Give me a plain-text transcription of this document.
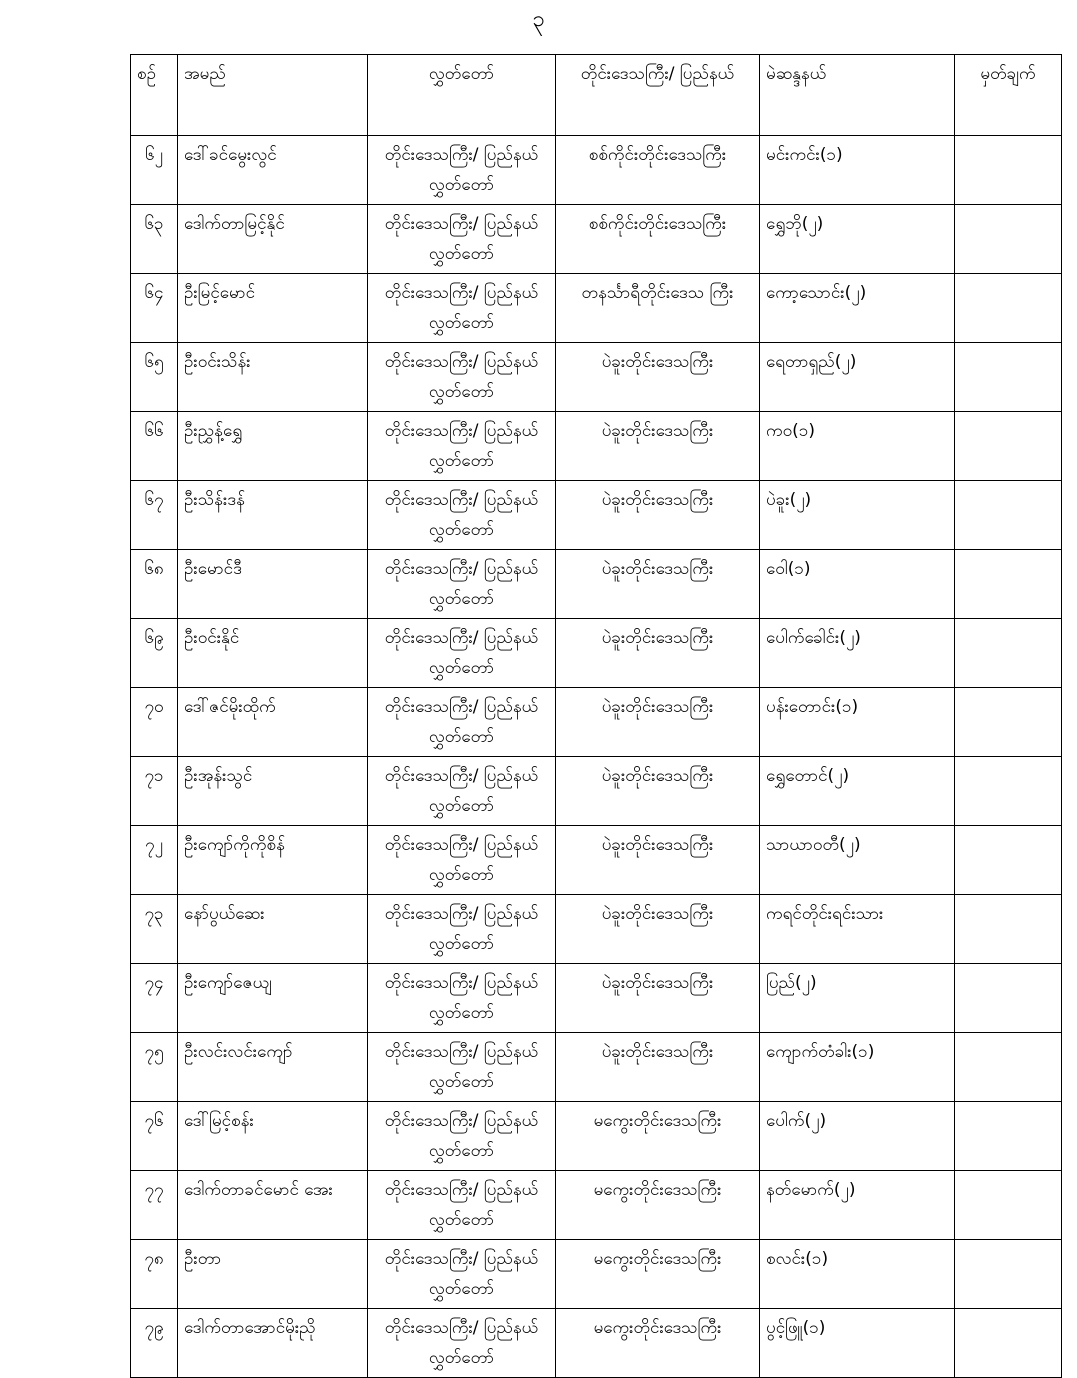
၃
စဉ်	အမည်	လွှတ်တော်	တိုင်းဒေသကြီး/ ပြည်နယ်	မဲဆန္ဒနယ်	မှတ်ချက်
၆၂	ဒေါ်ခင်မွေးလွင်	တိုင်းဒေသကြီး/ ပြည်နယ်လွှတ်တော်	စစ်ကိုင်းတိုင်းဒေသကြီး	မင်းကင်း(၁)	
၆၃	ဒေါက်တာမြင့်နိုင်	တိုင်းဒေသကြီး/ ပြည်နယ်လွှတ်တော်	စစ်ကိုင်းတိုင်းဒေသကြီး	ရွှေဘို(၂)	
၆၄	ဦးမြင့်မောင်	တိုင်းဒေသကြီး/ ပြည်နယ်လွှတ်တော်	တနင်္သာရီတိုင်းဒေသ ကြီး	ကော့သောင်း(၂)	
၆၅	ဦးဝင်းသိန်း	တိုင်းဒေသကြီး/ ပြည်နယ်လွှတ်တော်	ပဲခူးတိုင်းဒေသကြီး	ရေတာရှည်(၂)	
၆၆	ဦးညွှန့်ရွှေ	တိုင်းဒေသကြီး/ ပြည်နယ်လွှတ်တော်	ပဲခူးတိုင်းဒေသကြီး	ကဝ(၁)	
၆၇	ဦးသိန်းဒန်	တိုင်းဒေသကြီး/ ပြည်နယ်လွှတ်တော်	ပဲခူးတိုင်းဒေသကြီး	ပဲခူး(၂)	
၆၈	ဦးမောင်ဒီ	တိုင်းဒေသကြီး/ ပြည်နယ်လွှတ်တော်	ပဲခူးတိုင်းဒေသကြီး	ဝေါ(၁)	
၆၉	ဦးဝင်းနိုင်	တိုင်းဒေသကြီး/ ပြည်နယ်လွှတ်တော်	ပဲခူးတိုင်းဒေသကြီး	ပေါက်ခေါင်း(၂)	
၇၀	ဒေါ်ဇင်မိုးထိုက်	တိုင်းဒေသကြီး/ ပြည်နယ်လွှတ်တော်	ပဲခူးတိုင်းဒေသကြီး	ပန်းတောင်း(၁)	
၇၁	ဦးအုန်းသွင်	တိုင်းဒေသကြီး/ ပြည်နယ်လွှတ်တော်	ပဲခူးတိုင်းဒေသကြီး	ရွှေတောင်(၂)	
၇၂	ဦးကျော်ကိုကိုစိန်	တိုင်းဒေသကြီး/ ပြည်နယ်လွှတ်တော်	ပဲခူးတိုင်းဒေသကြီး	သာယာဝတီ(၂)	
၇၃	နော်ပွယ်ဆေး	တိုင်းဒေသကြီး/ ပြည်နယ်လွှတ်တော်	ပဲခူးတိုင်းဒေသကြီး	ကရင်တိုင်းရင်းသား	
၇၄	ဦးကျော်ဇေယျ	တိုင်းဒေသကြီး/ ပြည်နယ်လွှတ်တော်	ပဲခူးတိုင်းဒေသကြီး	ပြည်(၂)	
၇၅	ဦးလင်းလင်းကျော်	တိုင်းဒေသကြီး/ ပြည်နယ်လွှတ်တော်	ပဲခူးတိုင်းဒေသကြီး	ကျောက်တံခါး(၁)	
၇၆	ဒေါ်မြင့်စန်း	တိုင်းဒေသကြီး/ ပြည်နယ်လွှတ်တော်	မကွေးတိုင်းဒေသကြီး	ပေါက်(၂)	
၇၇	ဒေါက်တာခင်မောင် အေး	တိုင်းဒေသကြီး/ ပြည်နယ်လွှတ်တော်	မကွေးတိုင်းဒေသကြီး	နတ်မောက်(၂)	
၇၈	ဦးတာ	တိုင်းဒေသကြီး/ ပြည်နယ်လွှတ်တော်	မကွေးတိုင်းဒေသကြီး	စလင်း(၁)	
၇၉	ဒေါက်တာအောင်မိုးညို	တိုင်းဒေသကြီး/ ပြည်နယ်လွှတ်တော်	မကွေးတိုင်းဒေသကြီး	ပွင့်ဖြူ(၁)	
